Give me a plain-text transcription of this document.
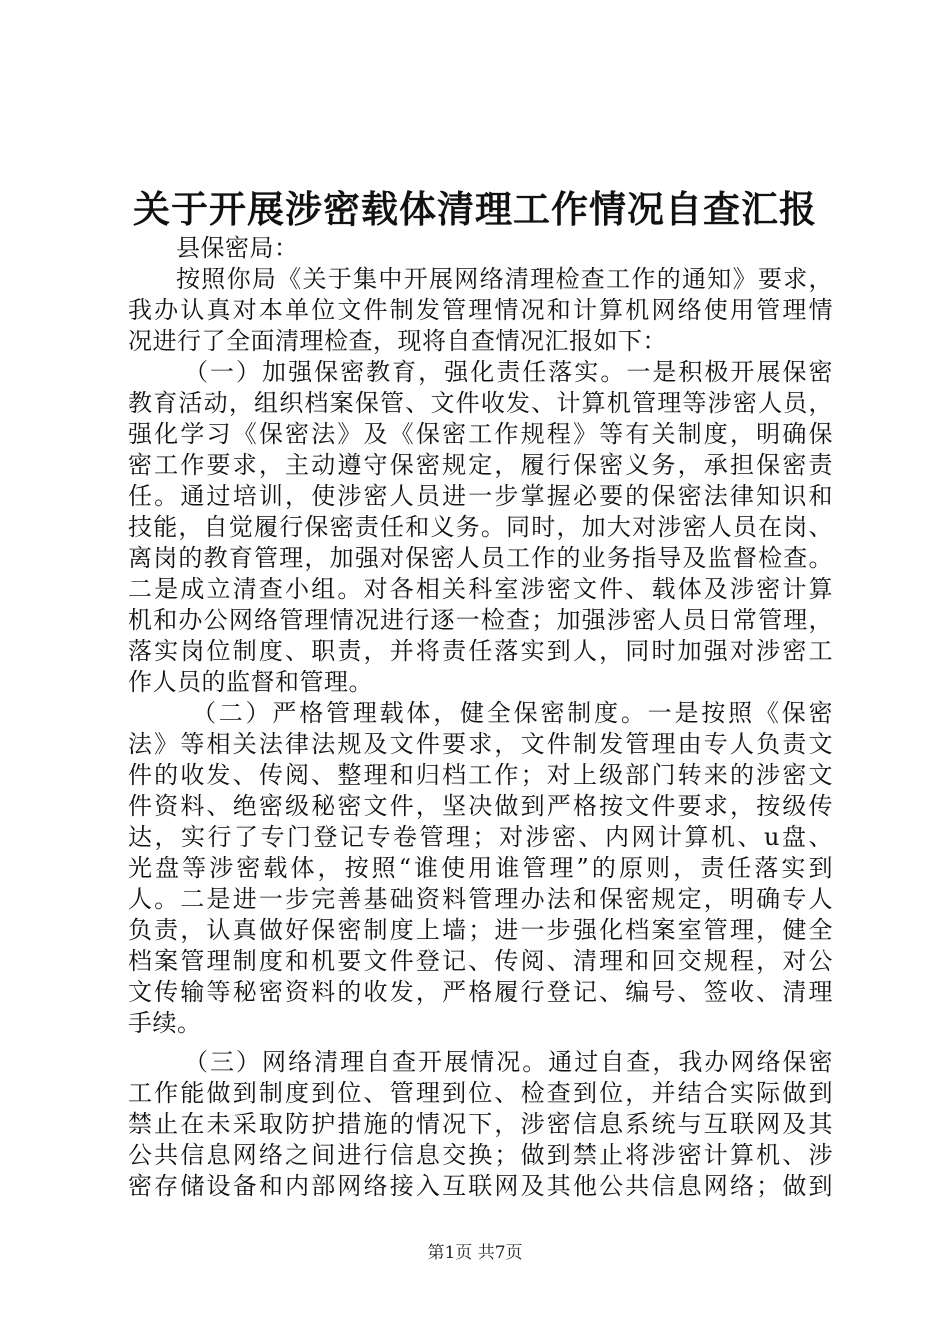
关于开展涉密载体清理工作情况自查汇报
县保密局：
按照你局《关于集中开展网络清理检查工作的通知》要求，
我办认真对本单位文件制发管理情况和计算机网络使用管理情
况进行了全面清理检查，现将自查情况汇报如下：
（一）加强保密教育，强化责任落实。一是积极开展保密
教育活动，组织档案保管、文件收发、计算机管理等涉密人员，
强化学习《保密法》及《保密工作规程》等有关制度，明确保
密工作要求，主动遵守保密规定，履行保密义务，承担保密责
任。通过培训，使涉密人员进一步掌握必要的保密法律知识和
技能，自觉履行保密责任和义务。同时，加大对涉密人员在岗、
离岗的教育管理，加强对保密人员工作的业务指导及监督检查。
二是成立清查小组。对各相关科室涉密文件、载体及涉密计算
机和办公网络管理情况进行逐一检查；加强涉密人员日常管理，
落实岗位制度、职责，并将责任落实到人，同时加强对涉密工
作人员的监督和管理。
（二）严格管理载体，健全保密制度。一是按照《保密
法》等相关法律法规及文件要求，文件制发管理由专人负责文
件的收发、传阅、整理和归档工作；对上级部门转来的涉密文
件资料、绝密级秘密文件，坚决做到严格按文件要求，按级传
达，实行了专门登记专卷管理；对涉密、内网计算机、u盘、
光盘等涉密载体，按照“谁使用谁管理”的原则，责任落实到
人。二是进一步完善基础资料管理办法和保密规定，明确专人
负责，认真做好保密制度上墙；进一步强化档案室管理，健全
档案管理制度和机要文件登记、传阅、清理和回交规程，对公
文传输等秘密资料的收发，严格履行登记、编号、签收、清理
手续。
（三）网络清理自查开展情况。通过自查，我办网络保密
工作能做到制度到位、管理到位、检查到位，并结合实际做到
禁止在未采取防护措施的情况下，涉密信息系统与互联网及其
公共信息网络之间进行信息交换；做到禁止将涉密计算机、涉
密存储设备和内部网络接入互联网及其他公共信息网络；做到
第1页 共7页
